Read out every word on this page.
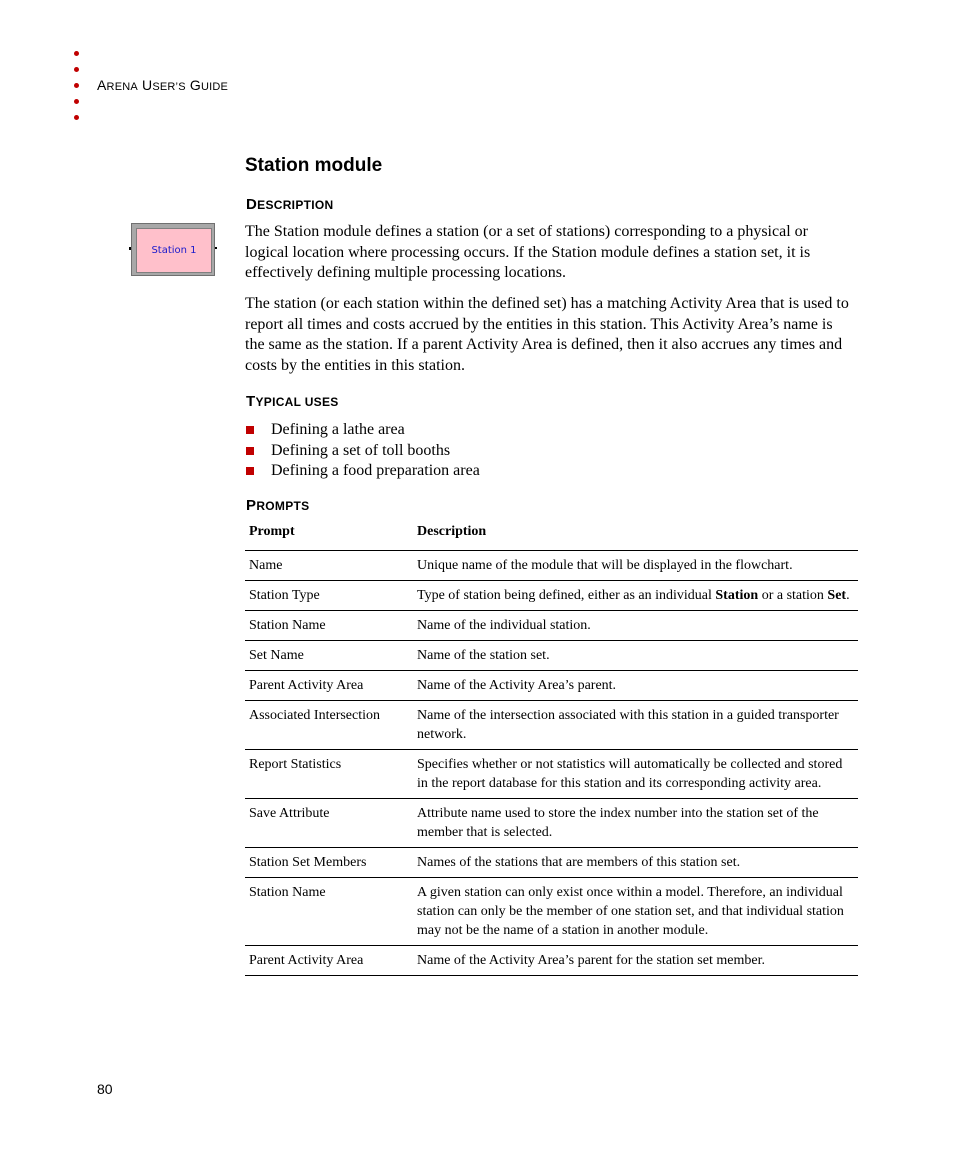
ARENA USER’S GUIDE
Station module
DESCRIPTION
Station 1

The Station module defines a station (or a set of stations) corresponding to a physical or logical location where processing occurs. If the Station module defines a station set, it is effectively defining multiple processing locations.

The station (or each station within the defined set) has a matching Activity Area that is used to report all times and costs accrued by the entities in this station. This Activity Area’s name is the same as the station. If a parent Activity Area is defined, then it also accrues any times and costs by the entities in this station.

TYPICAL USES
Defining a lathe area
Defining a set of toll booths
Defining a food preparation area
PROMPTS
Prompt	Description
Name	Unique name of the module that will be displayed in the flowchart.
Station Type	Type of station being defined, either as an individual Station or a station Set.
Station Name	Name of the individual station.
Set Name	Name of the station set.
Parent Activity Area	Name of the Activity Area’s parent.
Associated Intersection	Name of the intersection associated with this station in a guided transporter network.
Report Statistics	Specifies whether or not statistics will automatically be collected and stored in the report database for this station and its corresponding activity area.
Save Attribute	Attribute name used to store the index number into the station set of the member that is selected.
Station Set Members	Names of the stations that are members of this station set.
Station Name	A given station can only exist once within a model. Therefore, an individual station can only be the member of one station set, and that individual station may not be the name of a station in another module.
Parent Activity Area	Name of the Activity Area’s parent for the station set member.
80
